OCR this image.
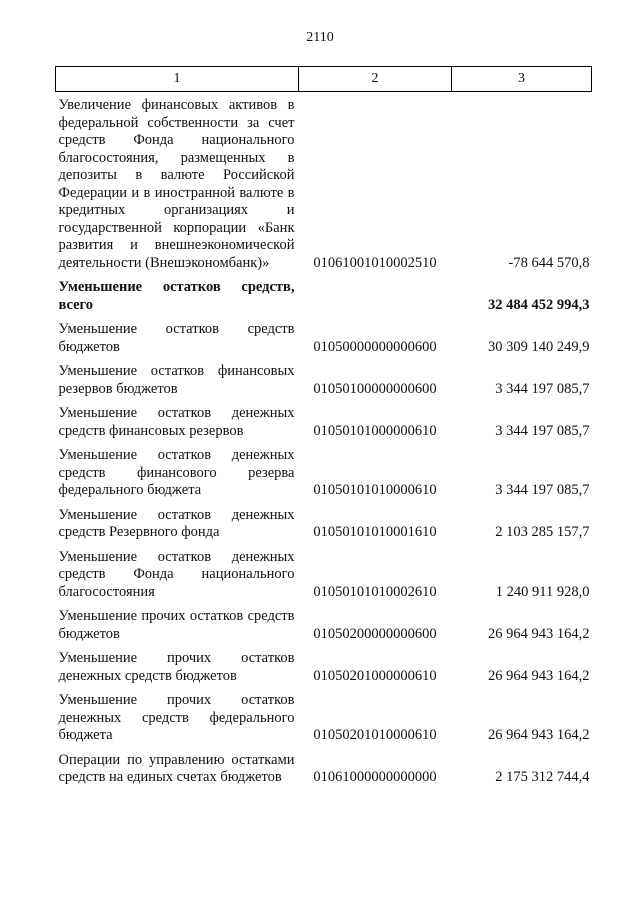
2110
1	2	3
Увеличение финансовых активов в федеральной собственности за счет средств Фонда национального благосостояния, размещенных в депозиты в валюте Российской Федерации и в иностранной валюте в кредитных организациях и государственной корпорации «Банк развития и внешнеэкономической деятельности (Внешэкономбанк)»	01061001010002510	-78 644 570,8
Уменьшение остатков средств, всего		32 484 452 994,3
Уменьшение остатков средств бюджетов	01050000000000600	30 309 140 249,9
Уменьшение остатков финансовых резервов бюджетов	01050100000000600	3 344 197 085,7
Уменьшение остатков денежных средств финансовых резервов	01050101000000610	3 344 197 085,7
Уменьшение остатков денежных средств финансового резерва федерального бюджета	01050101010000610	3 344 197 085,7
Уменьшение остатков денежных средств Резервного фонда	01050101010001610	2 103 285 157,7
Уменьшение остатков денежных средств Фонда национального благосостояния	01050101010002610	1 240 911 928,0
Уменьшение прочих остатков средств бюджетов	01050200000000600	26 964 943 164,2
Уменьшение прочих остатков денежных средств бюджетов	01050201000000610	26 964 943 164,2
Уменьшение прочих остатков денежных средств федерального бюджета	01050201010000610	26 964 943 164,2
Операции по управлению остатками средств на единых счетах бюджетов	01061000000000000	2 175 312 744,4
